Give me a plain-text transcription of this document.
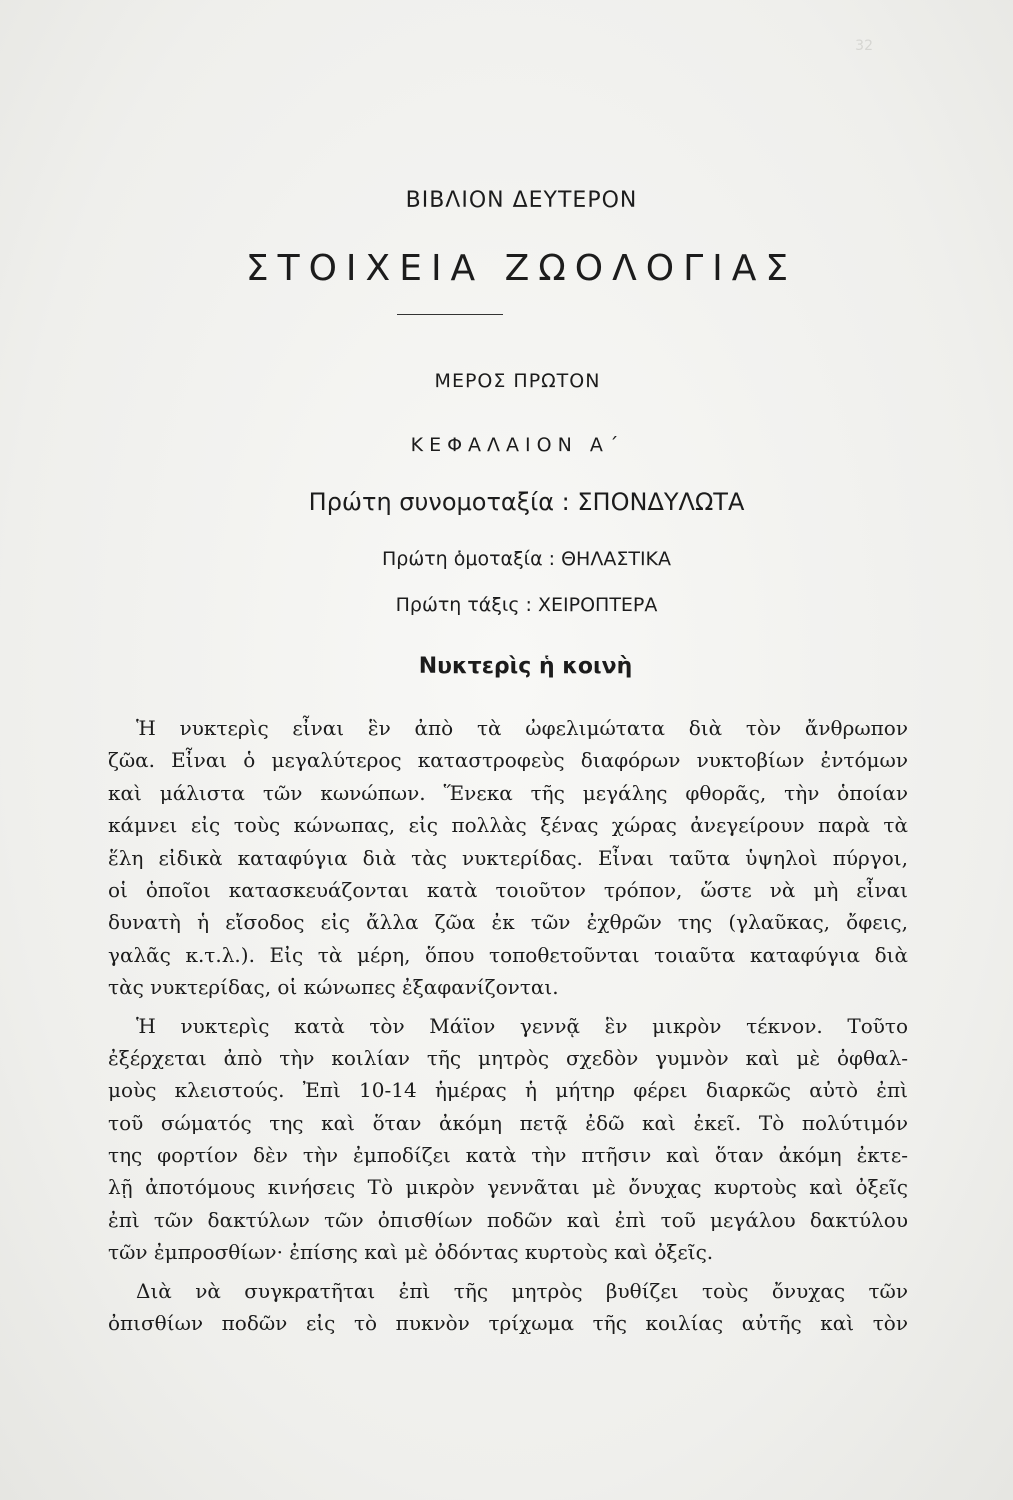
32
ΒΙΒΛΙΟΝ ΔΕΥΤΕΡΟΝ
ΣΤΟΙΧΕΙΑ ΖΩΟΛΟΓΙΑΣ
ΜΕΡΟΣ ΠΡΩΤΟΝ
ΚΕΦΑΛΑΙΟΝ Α΄
Πρώτη συνομοταξία : ΣΠΟΝΔΥΛΩΤΑ
Πρώτη ὁμοταξία : ΘΗΛΑΣΤΙΚΑ
Πρώτη τάξις : ΧΕΙΡΟΠΤΕΡΑ
Νυκτερὶς ἡ κοινὴ
Ἡ νυκτερὶς εἶναι ἓν ἀπὸ τὰ ὠφελιμώτατα διὰ τὸν ἄνθρωπον
ζῶα. Εἶναι ὁ μεγαλύτερος καταστροφεὺς διαφόρων νυκτοβίων ἐντόμων
καὶ μάλιστα τῶν κωνώπων. Ἕνεκα τῆς μεγάλης φθορᾶς, τὴν ὁποίαν
κάμνει εἰς τοὺς κώνωπας, εἰς πολλὰς ξένας χώρας ἀνεγείρουν παρὰ τὰ
ἕλη εἰδικὰ καταφύγια διὰ τὰς νυκτερίδας. Εἶναι ταῦτα ὑψηλοὶ πύργοι,
οἱ ὁποῖοι κατασκευάζονται κατὰ τοιοῦτον τρόπον, ὥστε νὰ μὴ εἶναι
δυνατὴ ἡ εἴσοδος εἰς ἄλλα ζῶα ἐκ τῶν ἐχθρῶν της (γλαῦκας, ὄφεις,
γαλᾶς κ.τ.λ.). Εἰς τὰ μέρη, ὅπου τοποθετοῦνται τοιαῦτα καταφύγια διὰ
τὰς νυκτερίδας, οἱ κώνωπες ἐξαφανίζονται.
Ἡ νυκτερὶς κατὰ τὸν Μάϊον γεννᾷ ἓν μικρὸν τέκνον. Τοῦτο
ἐξέρχεται ἀπὸ τὴν κοιλίαν τῆς μητρὸς σχεδὸν γυμνὸν καὶ μὲ ὀφθαλ-
μοὺς κλειστούς. Ἐπὶ 10-14 ἡμέρας ἡ μήτηρ φέρει διαρκῶς αὐτὸ ἐπὶ
τοῦ σώματός της καὶ ὅταν ἀκόμη πετᾷ ἐδῶ καὶ ἐκεῖ. Τὸ πολύτιμόν
της φορτίον δὲν τὴν ἐμποδίζει κατὰ τὴν πτῆσιν καὶ ὅταν ἀκόμη ἐκτε-
λῇ ἀποτόμους κινήσεις Τὸ μικρὸν γεννᾶται μὲ ὄνυχας κυρτοὺς καὶ ὀξεῖς
ἐπὶ τῶν δακτύλων τῶν ὀπισθίων ποδῶν καὶ ἐπὶ τοῦ μεγάλου δακτύλου
τῶν ἐμπροσθίων· ἐπίσης καὶ μὲ ὀδόντας κυρτοὺς καὶ ὀξεῖς.
Διὰ νὰ συγκρατῆται ἐπὶ τῆς μητρὸς βυθίζει τοὺς ὄνυχας τῶν
ὀπισθίων ποδῶν εἰς τὸ πυκνὸν τρίχωμα τῆς κοιλίας αὐτῆς καὶ τὸν
